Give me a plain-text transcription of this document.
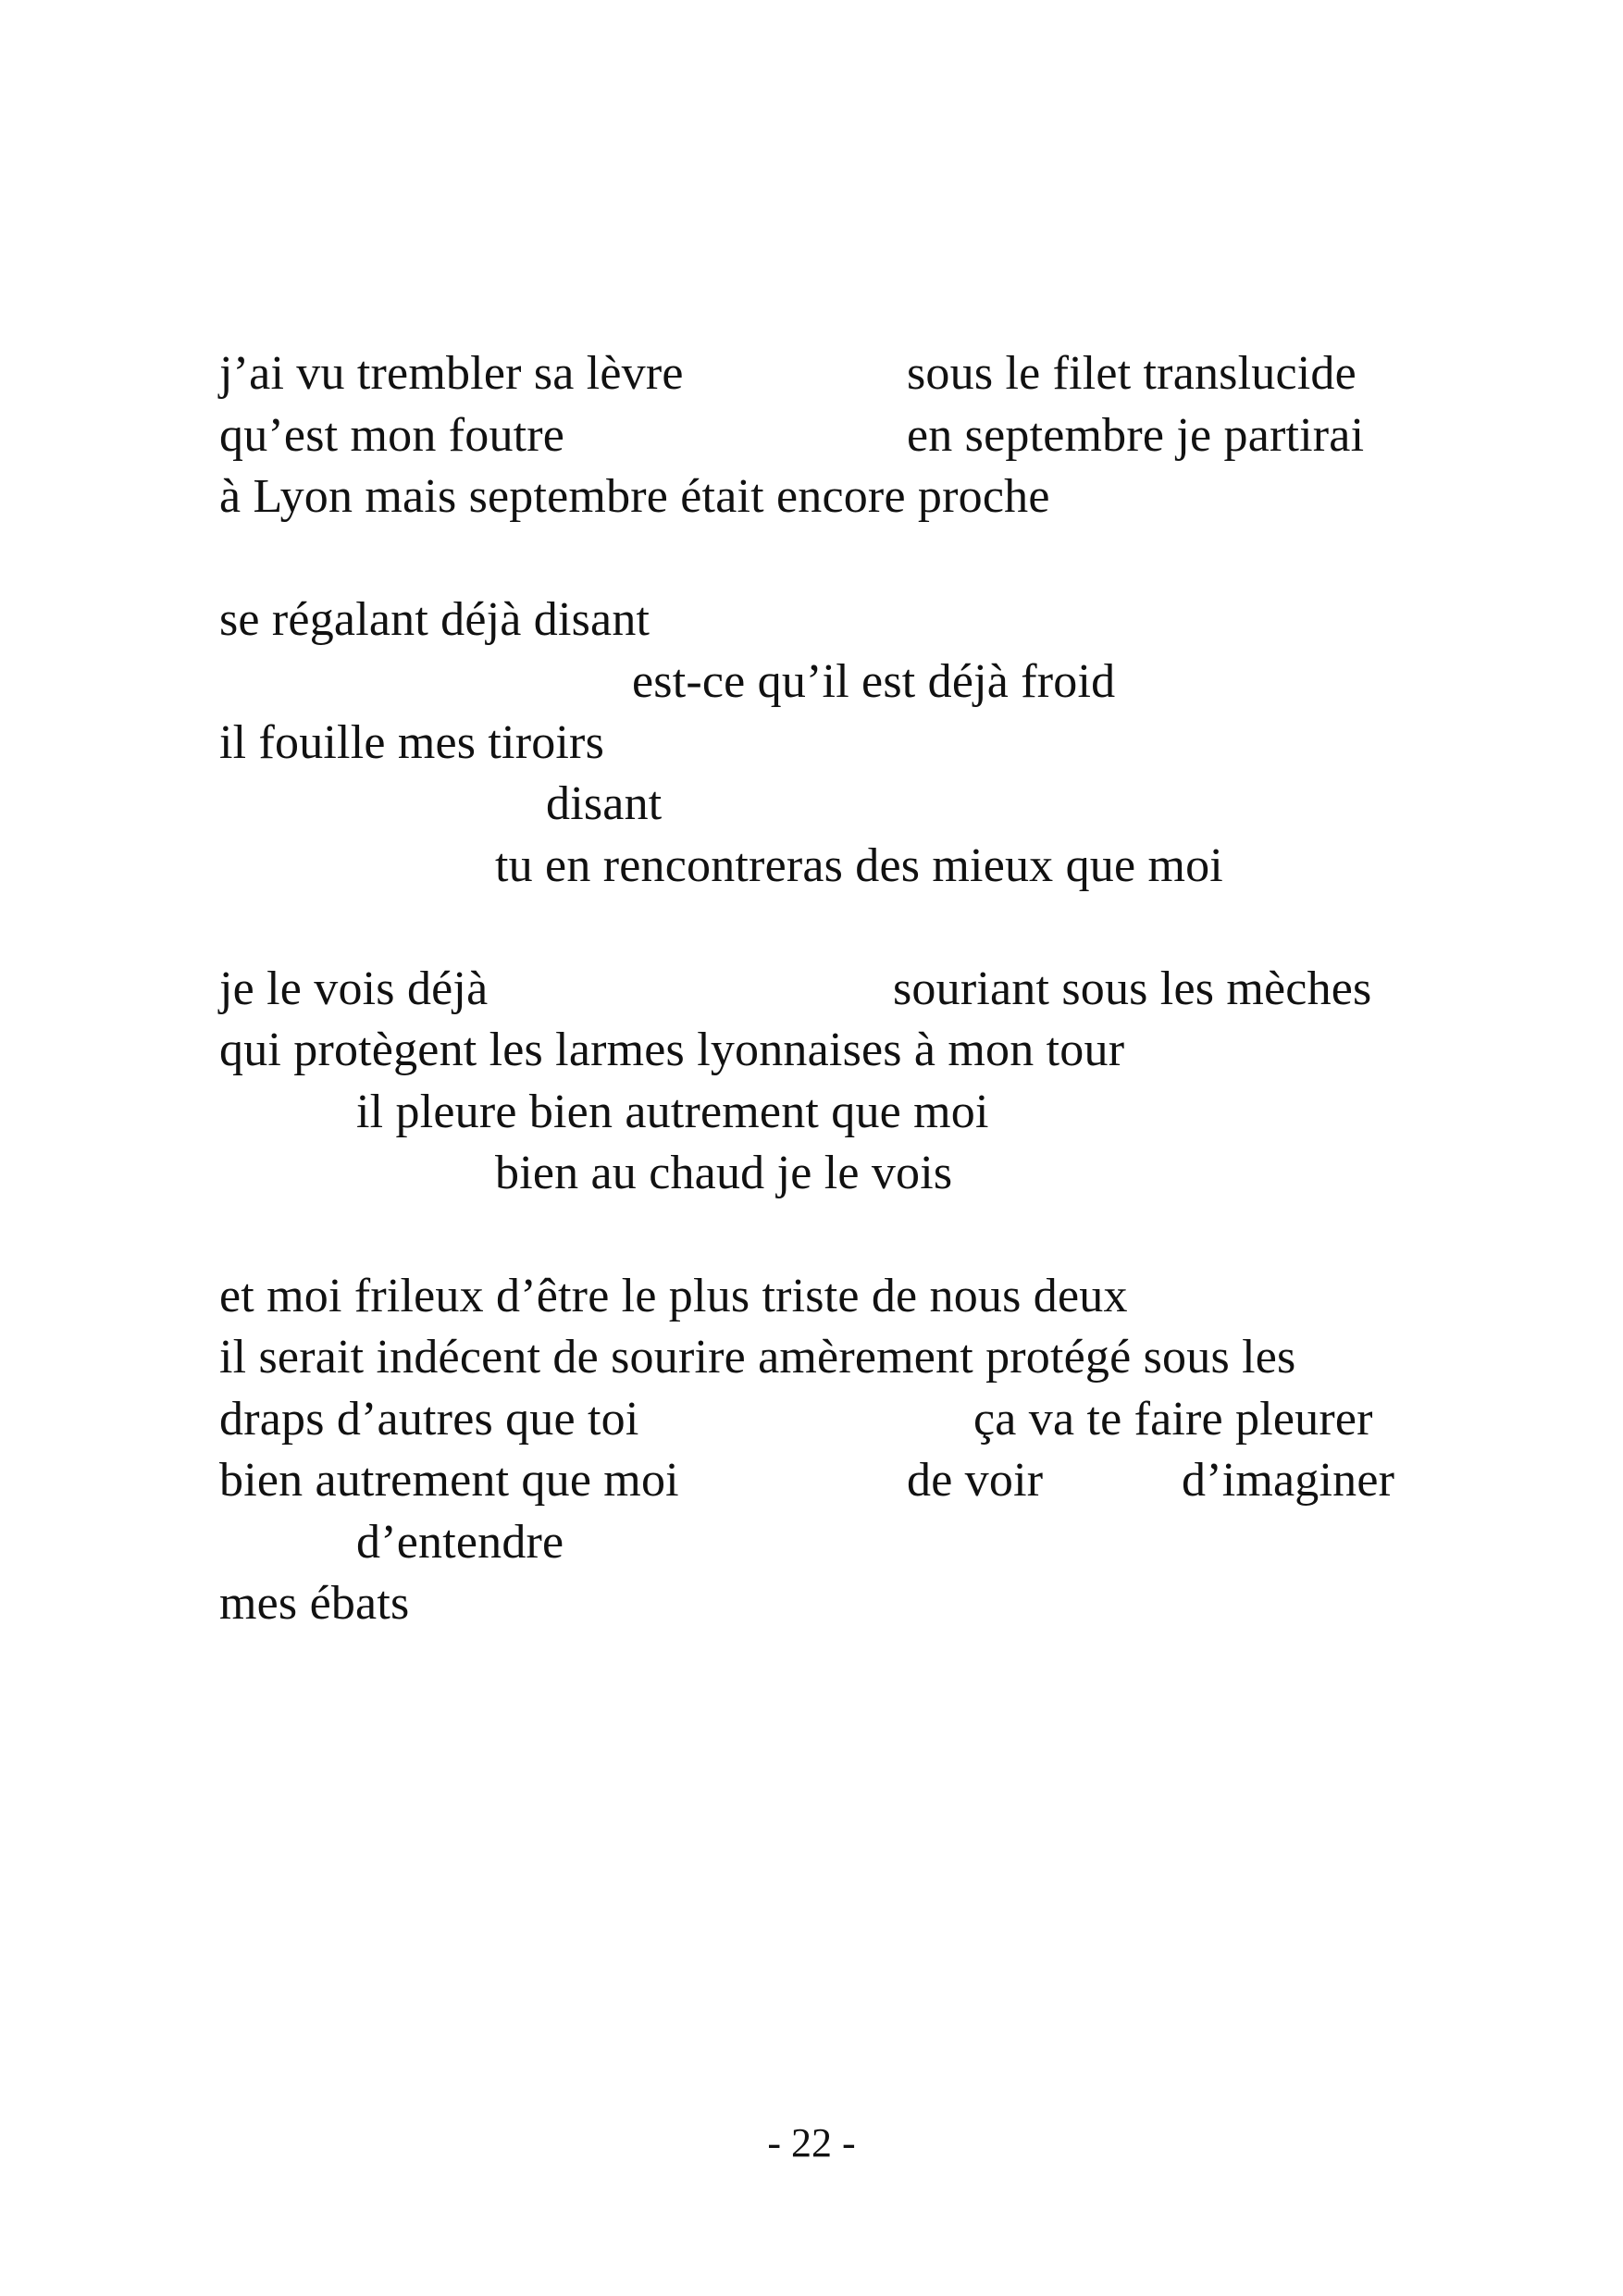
j’ai vu trembler sa lèvre	sous le filet translucide
qu’est mon foutre	en septembre je partirai
à Lyon mais septembre était encore proche
se régalant déjà disant
est-ce qu’il est déjà froid
il fouille mes tiroirs
disant
tu en rencontreras des mieux que moi
je le vois déjà	souriant sous les mèches
qui protègent les larmes lyonnaises à mon tour
il pleure bien autrement que moi
bien au chaud je le vois
et moi frileux d’être le plus triste de nous deux
il serait indécent de sourire amèrement protégé sous les
draps d’autres que toi	ça va te faire pleurer
bien autrement que moi	de voir	d’imaginer
d’entendre
mes ébats
- 22 -
